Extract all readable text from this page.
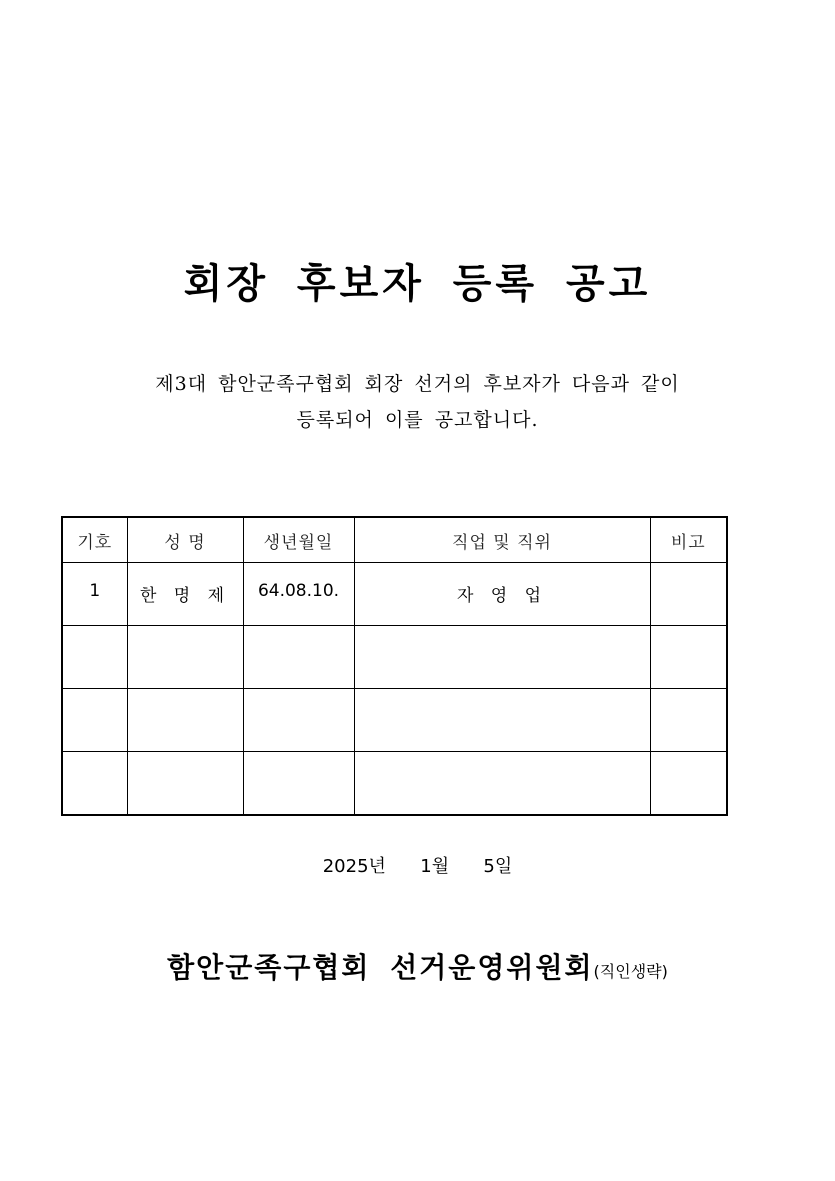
회장 후보자 등록 공고
제3대 함안군족구협회 회장 선거의 후보자가 다음과 같이
등록되어 이를 공고합니다.
기호	성 명	생년월일	직업 및 직위	비고
1	한 명 제	64.08.10.	자 영 업	

2025년      1월      5일
함안군족구협회 선거운영위원회(직인생략)
